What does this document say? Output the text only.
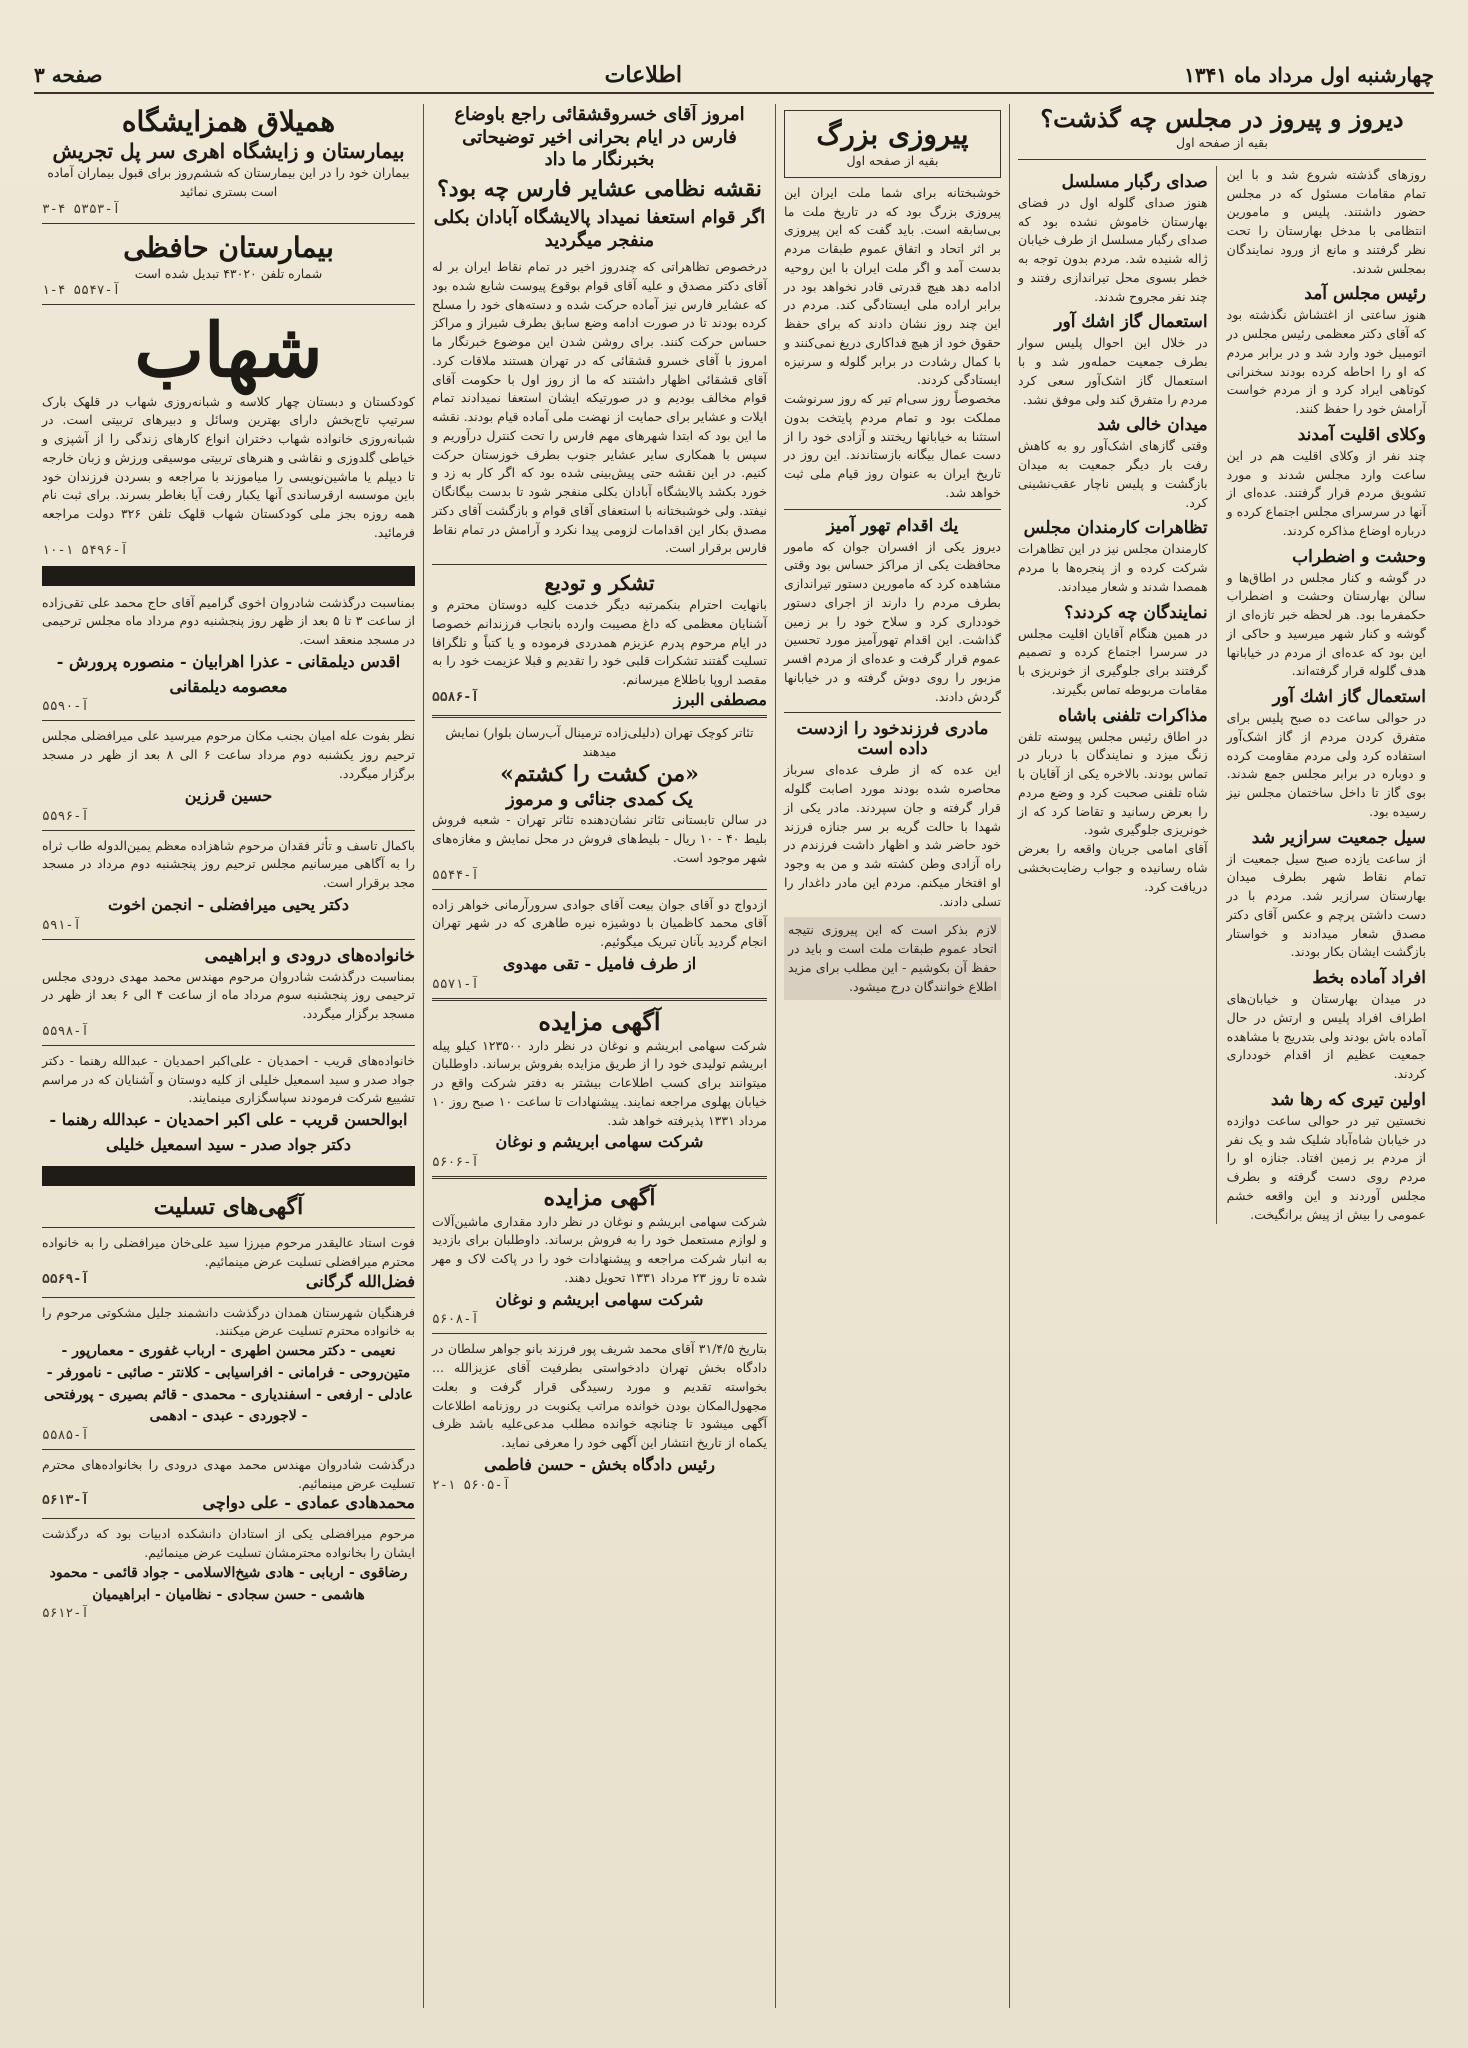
چهارشنبه اول مرداد ماه ۱۳۴۱
اطلاعات
صفحه ۳
دیروز و پیروز در مجلس چه گذشت؟
بقیه از صفحه اول
روزهای گذشته شروع شد و با این تمام مقامات مسئول که در مجلس حضور داشتند. پلیس و مامورین انتظامی با مدخل بهارستان را تحت نظر گرفتند و مانع از ورود نمایندگان بمجلس شدند.
رئیس مجلس آمد
هنوز ساعتی از اغتشاش نگذشته بود که آقای دکتر معظمی رئیس مجلس در اتومبیل خود وارد شد و در برابر مردم که او را احاطه کرده بودند سخنرانی کوتاهی ایراد کرد و از مردم خواست آرامش خود را حفظ کنند.
وکلای اقلیت آمدند
چند نفر از وکلای اقلیت هم در این ساعت وارد مجلس شدند و مورد تشویق مردم قرار گرفتند. عده‌ای از آنها در سرسرای مجلس اجتماع کرده و درباره اوضاع مذاکره کردند.
وحشت و اضطراب
در گوشه و کنار مجلس در اطاق‌ها و سالن بهارستان وحشت و اضطراب حکمفرما بود. هر لحظه خبر تازه‌ای از گوشه و کنار شهر میرسید و حاکی از این بود که عده‌ای از مردم در خیابانها هدف گلوله قرار گرفته‌اند.
استعمال گاز اشك آور
در حوالی ساعت ده صبح پلیس برای متفرق کردن مردم از گاز اشک‌آور استفاده کرد ولی مردم مقاومت کرده و دوباره در برابر مجلس جمع شدند. بوی گاز تا داخل ساختمان مجلس نیز رسیده بود.
سیل جمعیت سرازیر شد
از ساعت یازده صبح سیل جمعیت از تمام نقاط شهر بطرف میدان بهارستان سرازیر شد. مردم با در دست داشتن پرچم و عکس آقای دکتر مصدق شعار میدادند و خواستار بازگشت ایشان بکار بودند.
افراد آماده بخط
در میدان بهارستان و خیابان‌های اطراف افراد پلیس و ارتش در حال آماده باش بودند ولی بتدریج با مشاهده جمعیت عظیم از اقدام خودداری کردند.
اولین تیری که رها شد
نخستین تیر در حوالی ساعت دوازده در خیابان شاه‌آباد شلیک شد و یک نفر از مردم بر زمین افتاد. جنازه او را مردم روی دست گرفته و بطرف مجلس آوردند و این واقعه خشم عمومی را بیش از پیش برانگیخت.
صدای رگبار مسلسل
هنوز صدای گلوله اول در فضای بهارستان خاموش نشده بود که صدای رگبار مسلسل از طرف خیابان ژاله شنیده شد. مردم بدون توجه به خطر بسوی محل تیراندازی رفتند و چند نفر مجروح شدند.
استعمال گاز اشك آور
در خلال این احوال پلیس سوار بطرف جمعیت حمله‌ور شد و با استعمال گاز اشک‌آور سعی کرد مردم را متفرق کند ولی موفق نشد.
میدان خالی شد
وقتی گازهای اشک‌آور رو به کاهش رفت بار دیگر جمعیت به میدان بازگشت و پلیس ناچار عقب‌نشینی کرد.
تظاهرات کارمندان مجلس
کارمندان مجلس نیز در این تظاهرات شرکت کرده و از پنجره‌ها با مردم همصدا شدند و شعار میدادند.
نمایندگان چه کردند؟
در همین هنگام آقایان اقلیت مجلس در سرسرا اجتماع کرده و تصمیم گرفتند برای جلوگیری از خونریزی با مقامات مربوطه تماس بگیرند.
مذاکرات تلفنی باشاه
در اطاق رئیس مجلس پیوسته تلفن زنگ میزد و نمایندگان با دربار در تماس بودند. بالاخره یکی از آقایان با شاه تلفنی صحبت کرد و وضع مردم را بعرض رسانید و تقاضا کرد که از خونریزی جلوگیری شود.
آقای امامی جریان واقعه را بعرض شاه رسانیده و جواب رضایت‌بخشی دریافت کرد.
پیروزی بزرگ
بقیه از صفحه اول
خوشبختانه برای شما ملت ایران این پیروزی بزرگ بود که در تاریخ ملت ما بی‌سابقه است. باید گفت که این پیروزی بر اثر اتحاد و اتفاق عموم طبقات مردم بدست آمد و اگر ملت ایران با این روحیه ادامه دهد هیچ قدرتی قادر نخواهد بود در برابر اراده ملی ایستادگی کند. مردم در این چند روز نشان دادند که برای حفظ حقوق خود از هیچ فداکاری دریغ نمی‌کنند و با کمال رشادت در برابر گلوله و سرنیزه ایستادگی کردند.
مخصوصاً روز سی‌ام تیر که روز سرنوشت مملکت بود و تمام مردم پایتخت بدون استثنا به خیابانها ریختند و آزادی خود را از دست عمال بیگانه بازستاندند. این روز در تاریخ ایران به عنوان روز قیام ملی ثبت خواهد شد.
یك اقدام تهور آمیز
دیروز یکی از افسران جوان که مامور محافظت یکی از مراکز حساس بود وقتی مشاهده کرد که مامورین دستور تیراندازی بطرف مردم را دارند از اجرای دستور خودداری کرد و سلاح خود را بر زمین گذاشت. این اقدام تهورآمیز مورد تحسین عموم قرار گرفت و عده‌ای از مردم افسر مزبور را روی دوش گرفته و در خیابانها گردش دادند.
مادری فرزندخود را ازدست داده است
این عده که از طرف عده‌ای سرباز محاصره شده بودند مورد اصابت گلوله قرار گرفته و جان سپردند. مادر یکی از شهدا با حالت گریه بر سر جنازه فرزند خود حاضر شد و اظهار داشت فرزندم در راه آزادی وطن کشته شد و من به وجود او افتخار میکنم. مردم این مادر داغدار را تسلی دادند.
لازم بذکر است که این پیروزی نتیجه اتحاد عموم طبقات ملت است و باید در حفظ آن بکوشیم - این مطلب برای مزید اطلاع خوانندگان درج میشود.
امروز آقای خسروقشقائی راجع باوضاع فارس در ایام بحرانی اخیر توضیحاتی بخبرنگار ما داد
نقشه نظامی عشایر فارس چه بود؟
اگر قوام استعفا نمیداد پالایشگاه آبادان بکلی منفجر میگردید
درخصوص تظاهراتی که چندروز اخیر در تمام نقاط ایران بر له آقای دکتر مصدق و علیه آقای قوام بوقوع پیوست شایع شده بود که عشایر فارس نیز آماده حرکت شده و دسته‌های خود را مسلح کرده بودند تا در صورت ادامه وضع سابق بطرف شیراز و مراکز حساس حرکت کنند. برای روشن شدن این موضوع خبرنگار ما امروز با آقای خسرو قشقائی که در تهران هستند ملاقات کرد. آقای قشقائی اظهار داشتند که ما از روز اول با حکومت آقای قوام مخالف بودیم و در صورتیکه ایشان استعفا نمیدادند تمام ایلات و عشایر برای حمایت از نهضت ملی آماده قیام بودند. نقشه ما این بود که ابتدا شهرهای مهم فارس را تحت کنترل درآوریم و سپس با همکاری سایر عشایر جنوب بطرف خوزستان حرکت کنیم. در این نقشه حتی پیش‌بینی شده بود که اگر کار به زد و خورد بکشد پالایشگاه آبادان بکلی منفجر شود تا بدست بیگانگان نیفتد. ولی خوشبختانه با استعفای آقای قوام و بازگشت آقای دکتر مصدق بکار این اقدامات لزومی پیدا نکرد و آرامش در تمام نقاط فارس برقرار است.
تشکر و تودیع
بانهایت احترام بنکمرتبه دیگر خدمت کلیه دوستان محترم و آشنایان معظمی که داغ مصیبت وارده بانجاب فرزندانم خصوصا در ایام مرحوم پدرم عزیزم همدردی فرموده و یا کتباً و تلگرافا تسلیت گفتند تشکرات قلبی خود را تقدیم و قبلا عزیمت خود را به مقصد اروپا باطلاع میرسانم.
مصطفی البرز
آ-۵۵۸۶
تئاتر کوچک تهران (دلیلی‌زاده ترمینال آب‌رسان بلوار) نمایش میدهند
«من کشت را کشتم»
یک کمدی جنائی و مرموز
در سالن تابستانی تئاتر نشان‌دهنده تئاتر تهران - شعبه فروش بلیط ۴۰ - ۱۰ ریال - بلیط‌های فروش در محل نمایش و مغازه‌های شهر موجود است.
آ-۵۵۴۴
ازدواج دو آقای جوان بیعت آقای جوادی سرورآرمانی خواهر زاده آقای محمد کاظمیان با دوشیزه نیره طاهری که در شهر تهران انجام گردید بآنان تبریک میگوئیم.
از طرف فامیل - تقی مهدوی
آ-۵۵۷۱
آگهی مزایده
شرکت سهامی ابریشم و نوغان در نظر دارد ۱۲۳۵۰۰ کیلو پیله ابریشم تولیدی خود را از طریق مزایده بفروش برساند. داوطلبان میتوانند برای کسب اطلاعات بیشتر به دفتر شرکت واقع در خیابان پهلوی مراجعه نمایند. پیشنهادات تا ساعت ۱۰ صبح روز ۱۰ مرداد ۱۳۳۱ پذیرفته خواهد شد.
شرکت سهامی ابریشم و نوغان
آ-۵۶۰۶
آگهی مزایده
شرکت سهامی ابریشم و نوغان در نظر دارد مقداری ماشین‌آلات و لوازم مستعمل خود را به فروش برساند. داوطلبان برای بازدید به انبار شرکت مراجعه و پیشنهادات خود را در پاکت لاک و مهر شده تا روز ۲۳ مرداد ۱۳۳۱ تحویل دهند.
شرکت سهامی ابریشم و نوغان
آ-۵۶۰۸
بتاریخ ۳۱/۴/۵ آقای محمد شریف پور فرزند بانو جواهر سلطان در دادگاه بخش تهران دادخواستی بطرفیت آقای عزیزالله ... بخواسته تقدیم و مورد رسیدگی قرار گرفت و بعلت مجهول‌المکان بودن خوانده مراتب یکنوبت در روزنامه اطلاعات آگهی میشود تا چنانچه خوانده مطلب مدعی‌علیه باشد ظرف یکماه از تاریخ انتشار این آگهی خود را معرفی نماید.
رئیس دادگاه بخش - حسن فاطمی
آ-۵۶۰۵ ۱-۲
همیلاق همزایشگاه
بیمارستان و زایشگاه اهری سر پل تجریش
بیماران خود را در این بیمارستان که ششم‌روز برای قبول بیماران آماده است بستری نمائید
آ-۵۳۵۳ ۴-۳
بیمارستان حافظی
شماره تلفن ۴۳۰۲۰ تبدیل شده است
آ-۵۵۴۷ ۴-۱
شهاب
کودکستان و دبستان چهار کلاسه و شبانه‌روزی شهاب در قلهک بارک سرتیپ تاج‌بخش دارای بهترین وسائل و دبیرهای تربیتی است. در شبانه‌روزی خانواده شهاب دختران انواع کارهای زندگی را از آشپزی و خیاطی گلدوزی و نقاشی و هنرهای تربیتی موسیقی ورزش و زبان خارجه تا دیپلم یا ماشین‌نویسی را میاموزند با مراجعه و بسردن فرزندان خود باین موسسه ارقرساندی آنها یکبار رفت آیا بغاطر بسرند. برای ثبت نام همه روزه بجز ملی کودکستان شهاب قلهک تلفن ۳۲۶ دولت مراجعه فرمائید.
آ-۵۴۹۶ ۱-۱۰
بمناسبت درگذشت شادروان اخوی گرامیم آقای حاج محمد علی تقی‌زاده از ساعت ۳ تا ۵ بعد از ظهر روز پنجشنبه دوم مرداد ماه مجلس ترحیمی در مسجد منعقد است.
اقدس دیلمقانی - عذرا اهرابیان - منصوره پرورش - معصومه دیلمقانی
آ-۵۵۹۰
نظر بفوت عله امیان بجنب مکان مرحوم میرسید علی میرافضلی مجلس ترحیم روز یکشنبه دوم مرداد ساعت ۶ الی ۸ بعد از ظهر در مسجد برگزار میگردد.
حسین قرزین
آ-۵۵۹۶
باکمال تاسف و تأثر فقدان مرحوم شاهزاده معظم یمین‌الدوله طاب ثراه را به آگاهی میرسانیم مجلس ترحیم روز پنجشنبه دوم مرداد در مسجد مجد برقرار است.
دکتر یحیی میرافضلی - انجمن اخوت
آ-۵۹۱
خانواده‌های درودی و ابراهیمی
بمناسبت درگذشت شادروان مرحوم مهندس محمد مهدی درودی مجلس ترحیمی روز پنجشنبه سوم مرداد ماه از ساعت ۴ الی ۶ بعد از ظهر در مسجد برگزار میگردد.
آ-۵۵۹۸
خانواده‌های قریب - احمدیان - علی‌اکبر احمدیان - عبدالله رهنما - دکتر جواد صدر و سید اسمعیل خلیلی از کلیه دوستان و آشنایان که در مراسم تشییع شرکت فرمودند سپاسگزاری مینمایند.
ابوالحسن قریب - علی اکبر احمدیان - عبدالله رهنما - دکتر جواد صدر - سید اسمعیل خلیلی
آگهی‌های تسلیت
فوت استاد عالیقدر مرحوم میرزا سید علی‌خان میرافضلی را به خانواده محترم میرافضلی تسلیت عرض مینمائیم.
فضل‌الله گرگانی
آ-۵۵۶۹
فرهنگیان شهرستان همدان درگذشت دانشمند جلیل مشکوتی مرحوم را به خانواده محترم تسلیت عرض میکنند.
نعیمی - دکتر محسن اطهری - ارباب غفوری - معمارپور - متین‌روحی - فرامانی - افراسیابی - کلانتر - صائبی - نامورفر - عادلی - ارفعی - اسفندیاری - محمدی - قائم بصیری - پورفتحی - لاجوردی - عبدی - ادهمی
آ-۵۵۸۵
درگذشت شادروان مهندس محمد مهدی درودی را بخانواده‌های محترم تسلیت عرض مینمائیم.
محمدهادی عمادی - علی دواچی
آ-۵۶۱۳
مرحوم میرافضلی یکی از استادان دانشکده ادبیات بود که درگذشت ایشان را بخانواده محترمشان تسلیت عرض مینمائیم.
رضاقوی - اربابی - هادی شیخ‌الاسلامی - جواد قائمی - محمود هاشمی - حسن سجادی - نظامیان - ابراهیمیان
آ-۵۶۱۲
